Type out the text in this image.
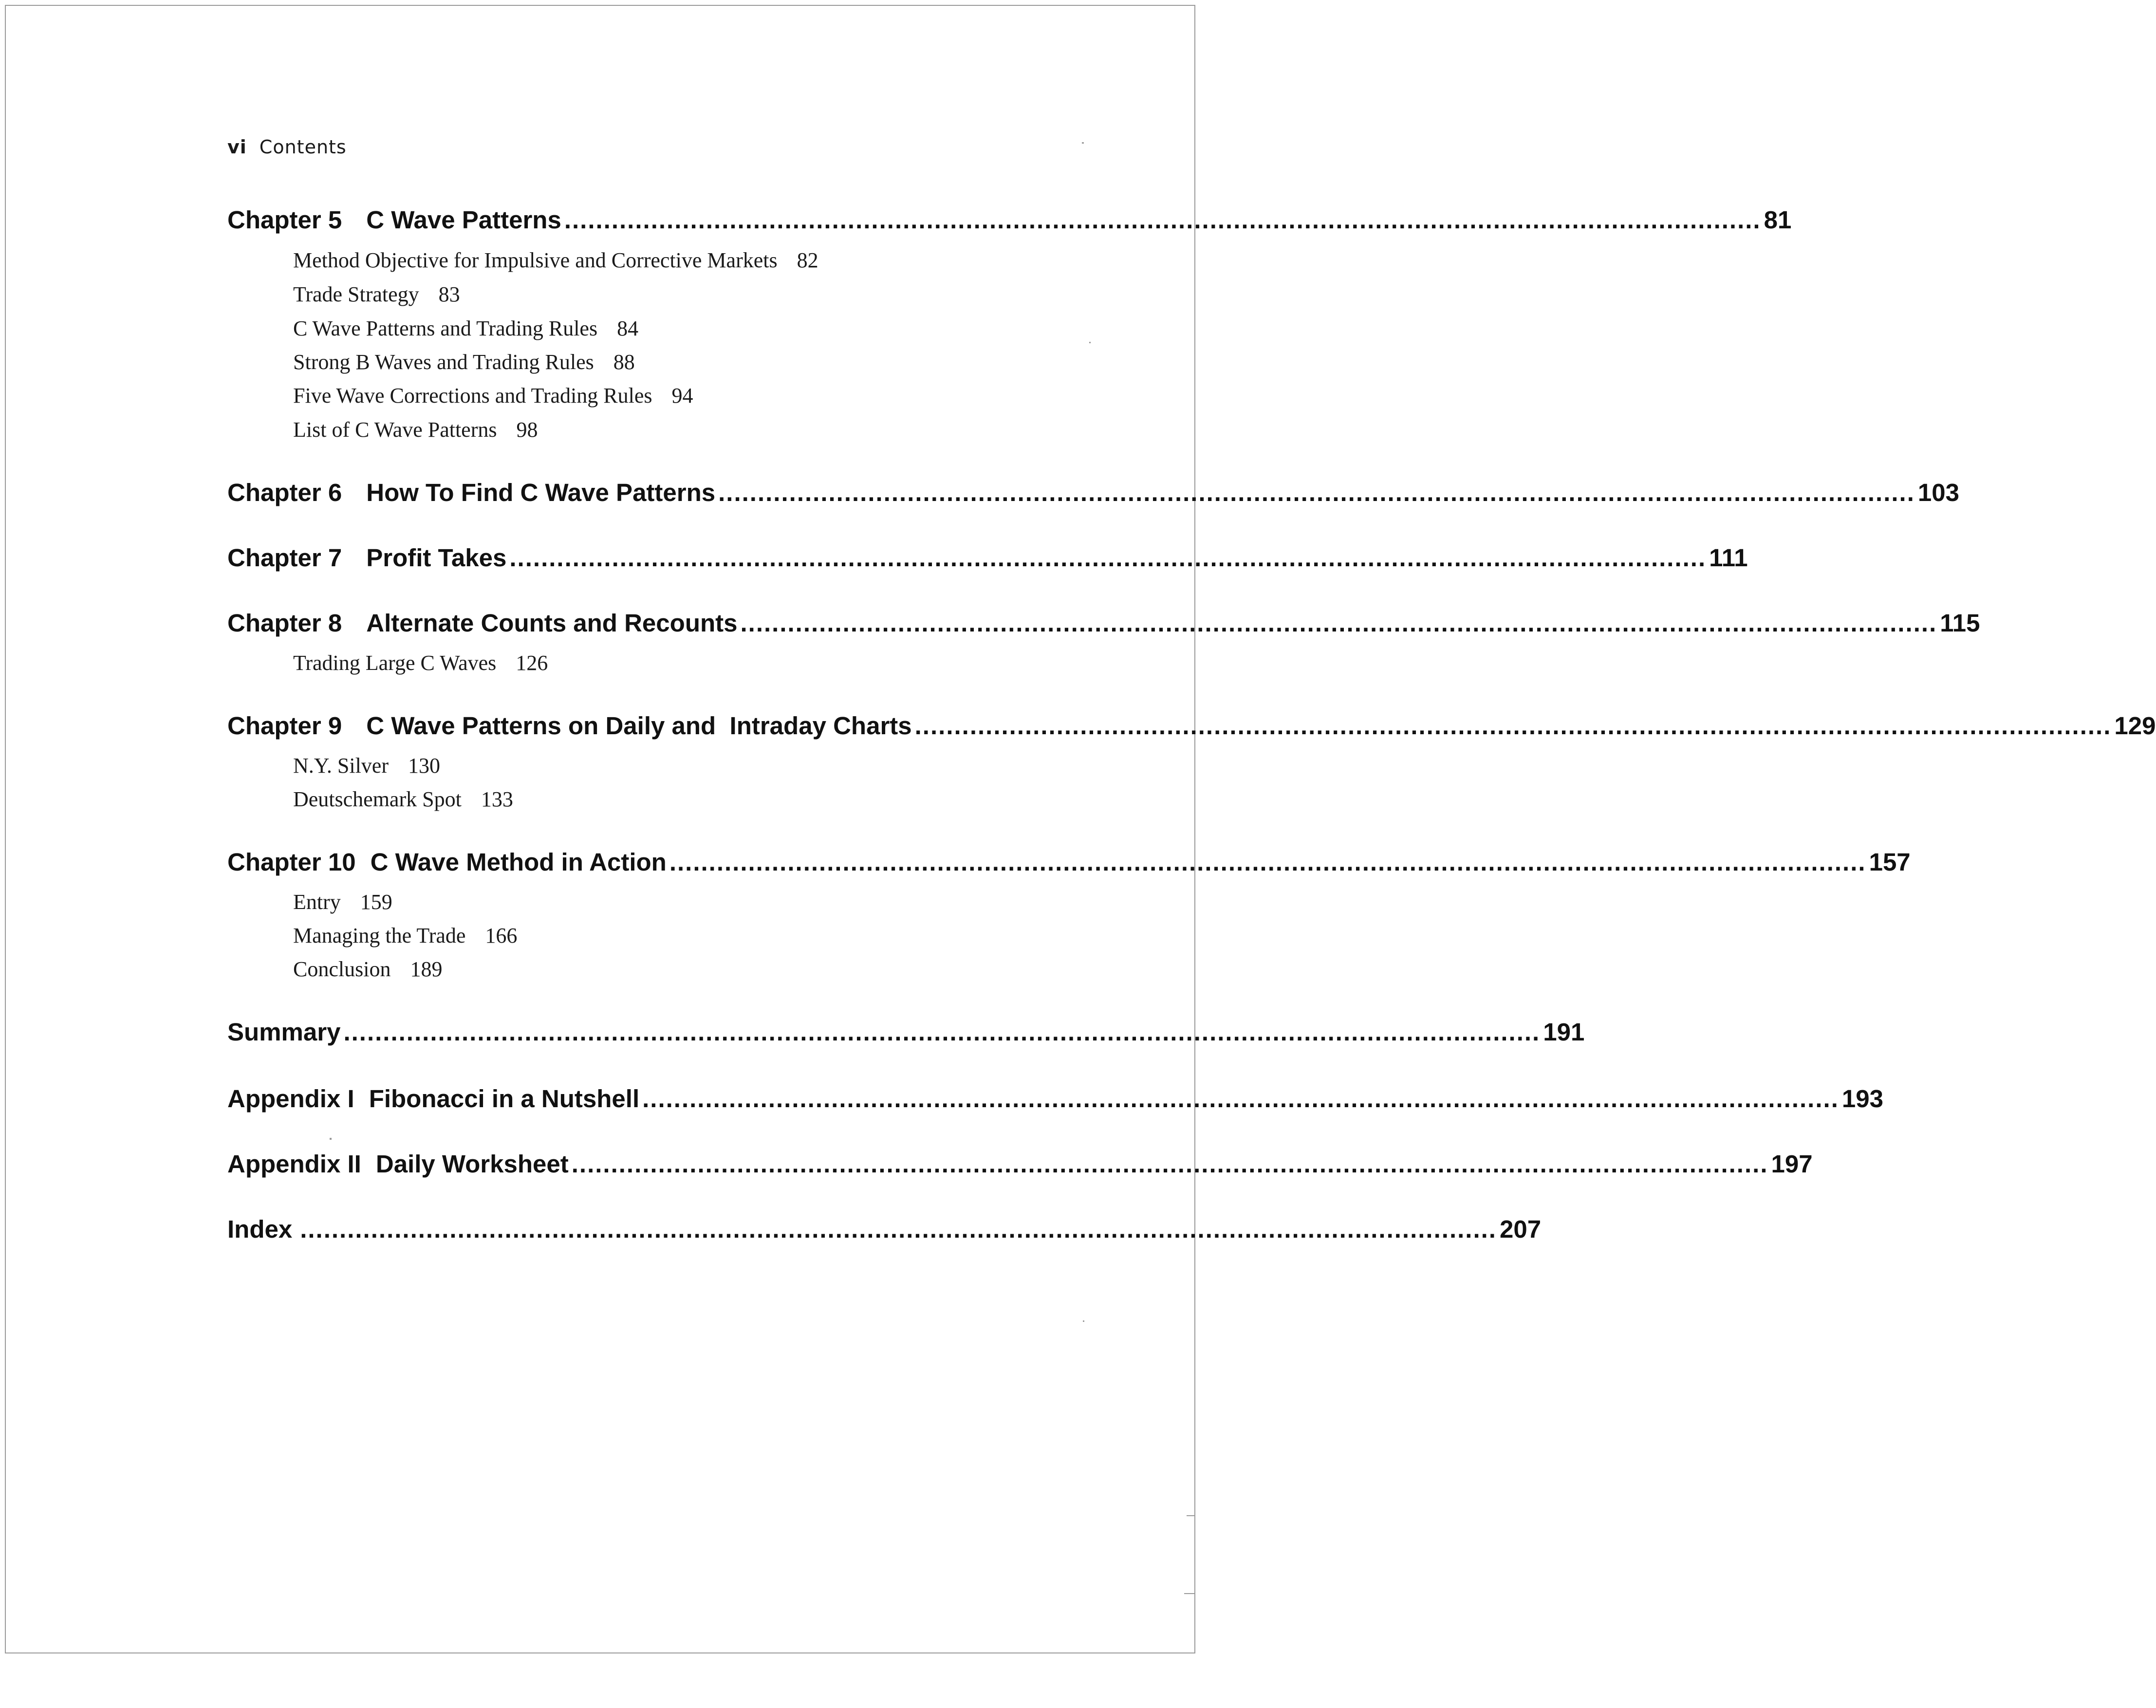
vi Contents
Chapter 5 C Wave Patterns ........................................................................................................................................................ 81
Method Objective for Impulsive and Corrective Markets 82
Trade Strategy 83
C Wave Patterns and Trading Rules 84
Strong B Waves and Trading Rules 88
Five Wave Corrections and Trading Rules 94
List of C Wave Patterns 98
Chapter 6 How To Find C Wave Patterns ........................................................................................................................................................ 103
Chapter 7 Profit Takes ........................................................................................................................................................ 111
Chapter 8 Alternate Counts and Recounts ........................................................................................................................................................ 115
Trading Large C Waves 126
Chapter 9 C Wave Patterns on Daily and  Intraday Charts ........................................................................................................................................................ 129
N.Y. Silver 130
Deutschemark Spot 133
Chapter 10 C Wave Method in Action ........................................................................................................................................................ 157
Entry 159
Managing the Trade 166
Conclusion 189
Summary ........................................................................................................................................................ 191
Appendix I Fibonacci in a Nutshell ........................................................................................................................................................ 193
Appendix II Daily Worksheet ........................................................................................................................................................ 197
Index ........................................................................................................................................................ 207
